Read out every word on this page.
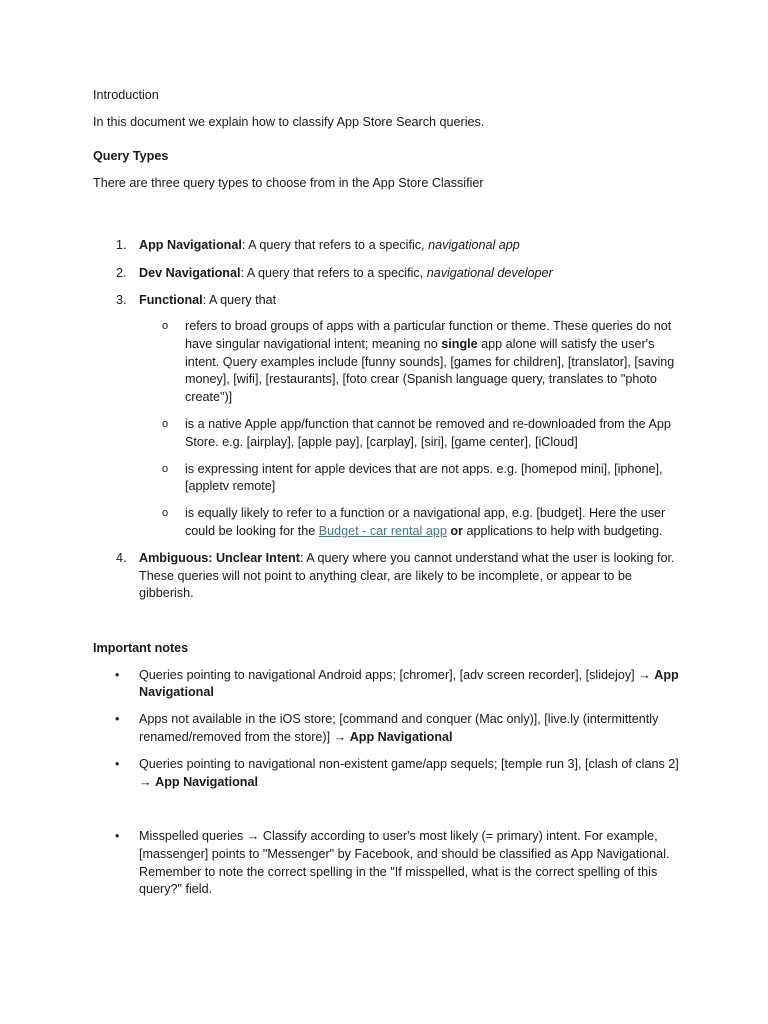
Introduction

In this document we explain how to classify App Store Search queries.

Query Types

There are three query types to choose from in the App Store Classifier

1. App Navigational: A query that refers to a specific, navigational app
2. Dev Navigational: A query that refers to a specific, navigational developer
3. Functional: A query that
o refers to broad groups of apps with a particular function or theme. These queries do not have singular navigational intent; meaning no single app alone will satisfy the user's intent. Query examples include [funny sounds], [games for children], [translator], [saving money], [wifi], [restaurants], [foto crear (Spanish language query, translates to "photo create")]
o is a native Apple app/function that cannot be removed and re-downloaded from the App Store. e.g. [airplay], [apple pay], [carplay], [siri], [game center], [iCloud]
o is expressing intent for apple devices that are not apps. e.g. [homepod mini], [iphone], [appletv remote]
o is equally likely to refer to a function or a navigational app, e.g. [budget]. Here the user could be looking for the Budget - car rental app or applications to help with budgeting.
4. Ambiguous: Unclear Intent: A query where you cannot understand what the user is looking for. These queries will not point to anything clear, are likely to be incomplete, or appear to be gibberish.

Important notes

• Queries pointing to navigational Android apps; [chromer], [adv screen recorder], [slidejoy] → App Navigational
• Apps not available in the iOS store; [command and conquer (Mac only)], [live.ly (intermittently renamed/removed from the store)] → App Navigational
• Queries pointing to navigational non-existent game/app sequels; [temple run 3], [clash of clans 2] → App Navigational
• Misspelled queries → Classify according to user's most likely (= primary) intent. For example, [massenger] points to "Messenger" by Facebook, and should be classified as App Navigational. Remember to note the correct spelling in the "If misspelled, what is the correct spelling of this query?" field.
